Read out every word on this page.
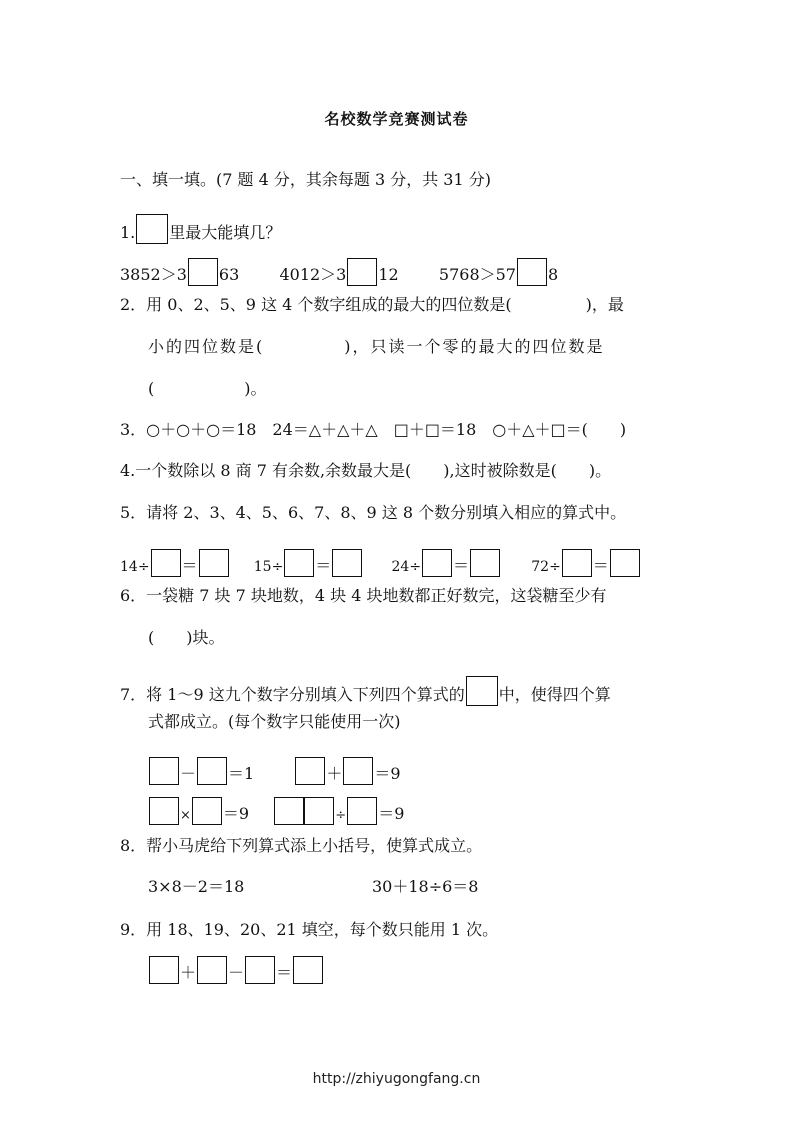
名校数学竞赛测试卷
一、填一填。(7 题 4 分，其余每题 3 分，共 31 分)
1. 里最大能填几？
3852＞3 63	4012＞3 12	5768＞57 8
2．用 0、2、5、9 这 4 个数字组成的最大的四位数是(	)，最
小的四位数是(	)，只读一个零的最大的四位数是
(	)。
3．○＋○＋○＝18　24＝△＋△＋△　□＋□＝18　○＋△＋□＝(　　)
4.一个数除以 8 商 7 有余数,余数最大是(　　),这时被除数是(　　)。
5．请将 2、3、4、5、6、7、8、9 这 8 个数分别填入相应的算式中。
14÷ ＝	15÷ ＝	24÷ ＝	72÷ ＝
6．一袋糖 7 块 7 块地数，4 块 4 块地数都正好数完，这袋糖至少有
(　　)块。
7．将 1～9 这九个数字分别填入下列四个算式的 中，使得四个算
式都成立。(每个数字只能使用一次)
－ ＝1	＋ ＝9
× ＝9	÷ ＝9
8．帮小马虎给下列算式添上小括号，使算式成立。
3×8－2＝18	30＋18÷6＝8
9．用 18、19、20、21 填空，每个数只能用 1 次。
＋ － ＝
http://zhiyugongfang.cn
